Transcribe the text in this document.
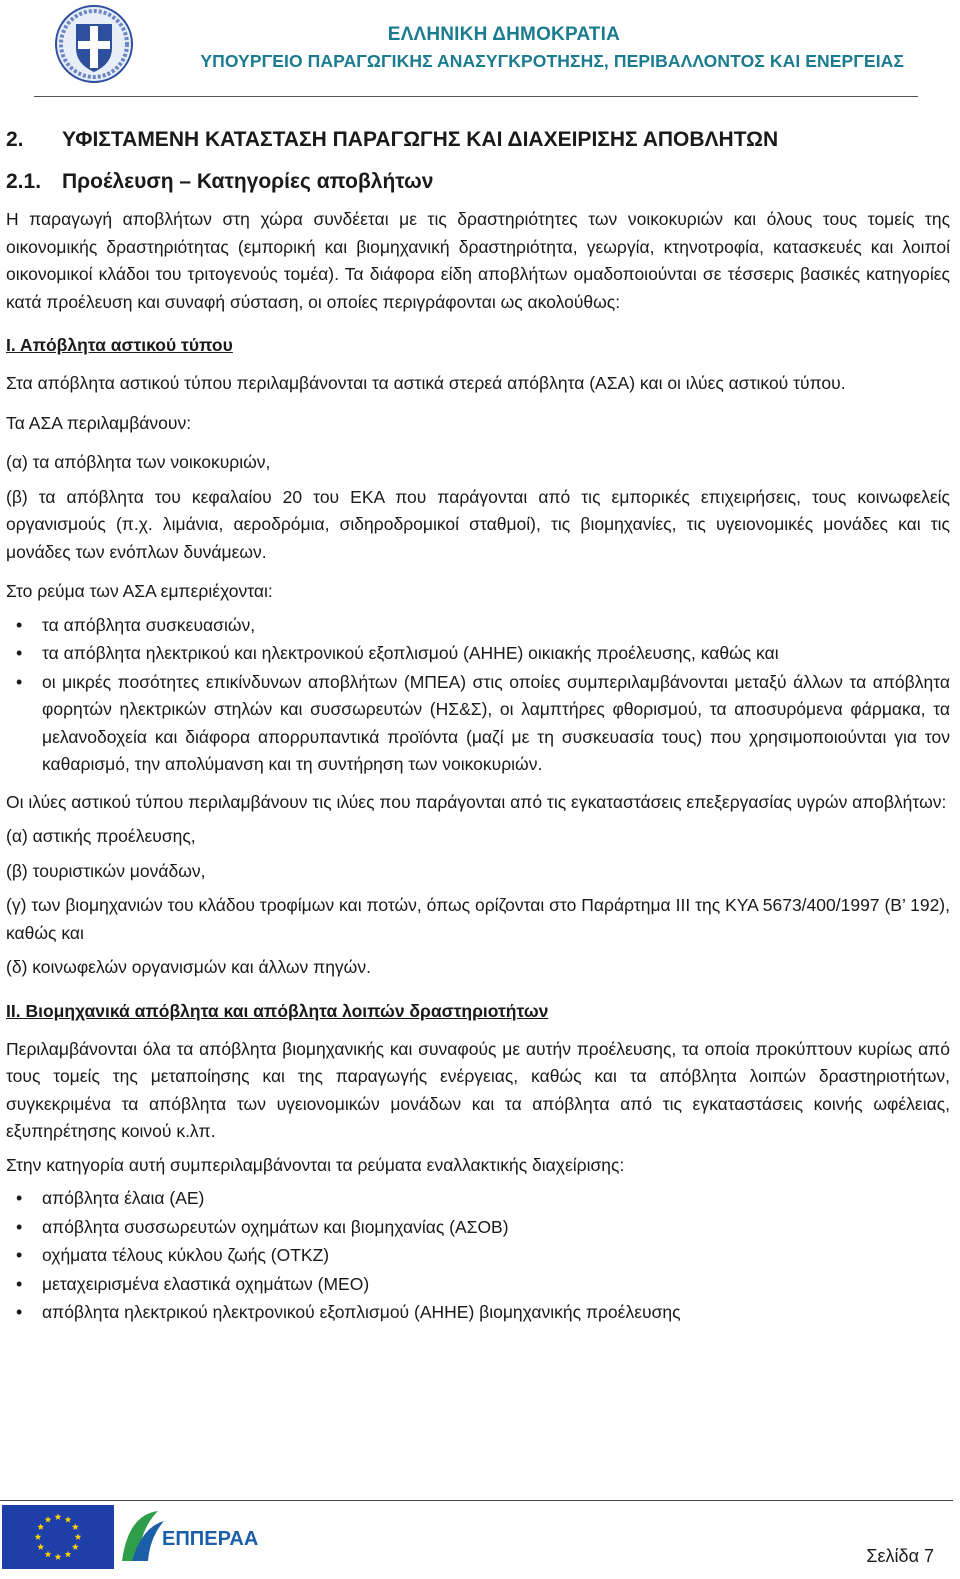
ΕΛΛΗΝΙΚΗ ΔΗΜΟΚΡΑΤΙΑ
ΥΠΟΥΡΓΕΙΟ ΠΑΡΑΓΩΓΙΚΗΣ ΑΝΑΣΥΓΚΡΟΤΗΣΗΣ, ΠΕΡΙΒΑΛΛΟΝΤΟΣ ΚΑΙ ΕΝΕΡΓΕΙΑΣ
2. ΥΦΙΣΤΑΜΕΝΗ ΚΑΤΑΣΤΑΣΗ ΠΑΡΑΓΩΓΗΣ ΚΑΙ ΔΙΑΧΕΙΡΙΣΗΣ ΑΠΟΒΛΗΤΩΝ
2.1. Προέλευση – Κατηγορίες αποβλήτων

Η παραγωγή αποβλήτων στη χώρα συνδέεται με τις δραστηριότητες των νοικοκυριών και όλους τους τομείς της οικονομικής δραστηριότητας (εμπορική και βιομηχανική δραστηριότητα, γεωργία, κτηνοτροφία, κατασκευές και λοιποί οικονομικοί κλάδοι του τριτογενούς τομέα). Τα διάφορα είδη αποβλήτων ομαδοποιούνται σε τέσσερις βασικές κατηγορίες κατά προέλευση και συναφή σύσταση, οι οποίες περιγράφονται ως ακολούθως:

Ι. Απόβλητα αστικού τύπου

Στα απόβλητα αστικού τύπου περιλαμβάνονται τα αστικά στερεά απόβλητα (ΑΣΑ) και οι ιλύες αστικού τύπου.

Τα ΑΣΑ περιλαμβάνουν:

(α) τα απόβλητα των νοικοκυριών,

(β) τα απόβλητα του κεφαλαίου 20 του ΕΚΑ που παράγονται από τις εμπορικές επιχειρήσεις, τους κοινωφελείς οργανισμούς (π.χ. λιμάνια, αεροδρόμια, σιδηροδρομικοί σταθμοί), τις βιομηχανίες, τις υγειονομικές μονάδες και τις μονάδες των ενόπλων δυνάμεων.

Στο ρεύμα των ΑΣΑ εμπεριέχονται:

• τα απόβλητα συσκευασιών,
• τα απόβλητα ηλεκτρικού και ηλεκτρονικού εξοπλισμού (ΑΗΗΕ) οικιακής προέλευσης, καθώς και
• οι μικρές ποσότητες επικίνδυνων αποβλήτων (ΜΠΕΑ) στις οποίες συμπεριλαμβάνονται μεταξύ άλλων τα απόβλητα φορητών ηλεκτρικών στηλών και συσσωρευτών (ΗΣ&Σ), οι λαμπτήρες φθορισμού, τα αποσυρόμενα φάρμακα, τα μελανοδοχεία και διάφορα απορρυπαντικά προϊόντα (μαζί με τη συσκευασία τους) που χρησιμοποιούνται για τον καθαρισμό, την απολύμανση και τη συντήρηση των νοικοκυριών.

Οι ιλύες αστικού τύπου περιλαμβάνουν τις ιλύες που παράγονται από τις εγκαταστάσεις επεξεργασίας υγρών αποβλήτων:

(α) αστικής προέλευσης,

(β) τουριστικών μονάδων,

(γ) των βιομηχανιών του κλάδου τροφίμων και ποτών, όπως ορίζονται στο Παράρτημα ΙΙΙ της ΚΥΑ 5673/400/1997 (Β’ 192), καθώς και

(δ) κοινωφελών οργανισμών και άλλων πηγών.

ΙΙ. Βιομηχανικά απόβλητα και απόβλητα λοιπών δραστηριοτήτων

Περιλαμβάνονται όλα τα απόβλητα βιομηχανικής και συναφούς με αυτήν προέλευσης, τα οποία προκύπτουν κυρίως από τους τομείς της μεταποίησης και της παραγωγής ενέργειας, καθώς και τα απόβλητα λοιπών δραστηριοτήτων, συγκεκριμένα τα απόβλητα των υγειονομικών μονάδων και τα απόβλητα από τις εγκαταστάσεις κοινής ωφέλειας, εξυπηρέτησης κοινού κ.λπ.

Στην κατηγορία αυτή συμπεριλαμβάνονται τα ρεύματα εναλλακτικής διαχείρισης:

• απόβλητα έλαια (ΑΕ)
• απόβλητα συσσωρευτών οχημάτων και βιομηχανίας (ΑΣΟΒ)
• οχήματα τέλους κύκλου ζωής (ΟΤΚΖ)
• μεταχειρισμένα ελαστικά οχημάτων (ΜΕΟ)
• απόβλητα ηλεκτρικού ηλεκτρονικού εξοπλισμού (ΑΗΗΕ) βιομηχανικής προέλευσης
ΕΠΠΕΡΑΑ
Σελίδα 7
